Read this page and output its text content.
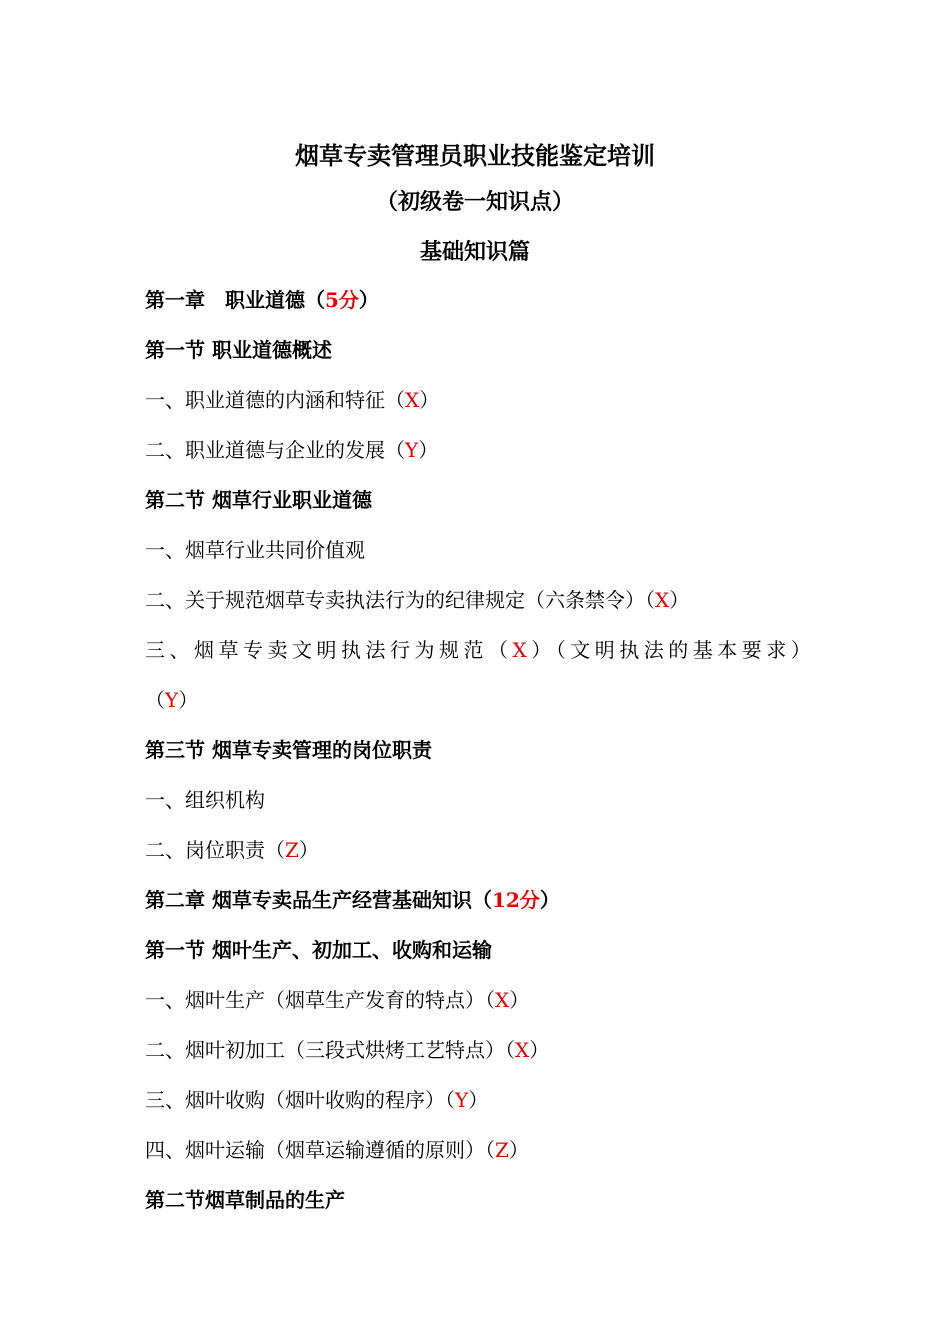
烟草专卖管理员职业技能鉴定培训
（初级卷一知识点）
基础知识篇
第一章　职业道德（5分）
第一节 职业道德概述
一、职业道德的内涵和特征（X）
二、职业道德与企业的发展（Y）
第二节 烟草行业职业道德
一、烟草行业共同价值观
二、关于规范烟草专卖执法行为的纪律规定（六条禁令）（X）
三、烟草专卖文明执法行为规范（X）（文明执法的基本要求）
（Y）
第三节 烟草专卖管理的岗位职责
一、组织机构
二、岗位职责（Z）
第二章 烟草专卖品生产经营基础知识（12分）
第一节 烟叶生产、初加工、收购和运输
一、烟叶生产（烟草生产发育的特点）（X）
二、烟叶初加工（三段式烘烤工艺特点）（X）
三、烟叶收购（烟叶收购的程序）（Y）
四、烟叶运输（烟草运输遵循的原则）（Z）
第二节烟草制品的生产
